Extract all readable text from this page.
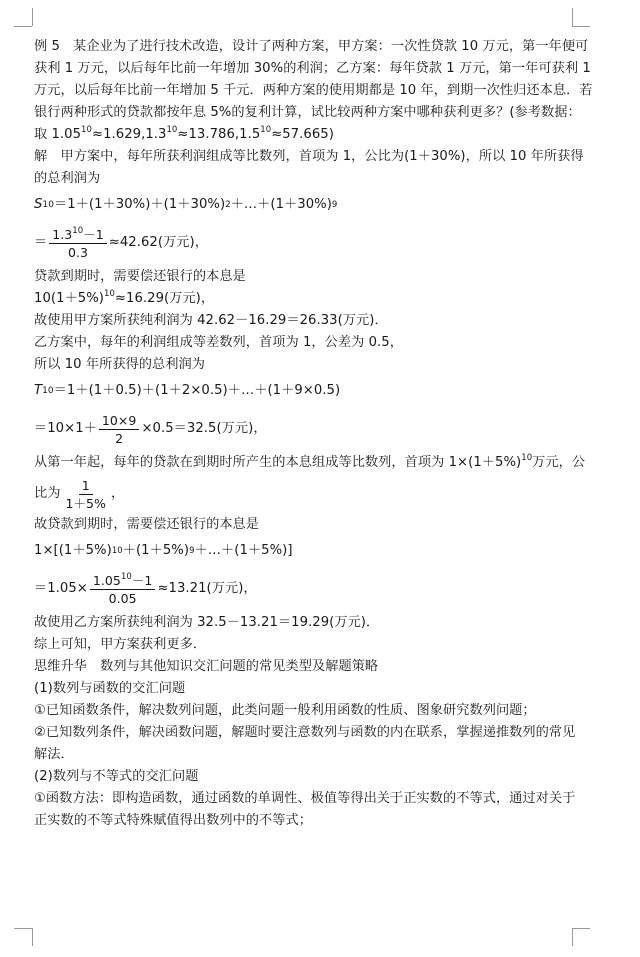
例 5　某企业为了进行技术改造，设计了两种方案，甲方案：一次性贷款 10 万元，第一年便可

获利 1 万元，以后每年比前一年增加 30%的利润；乙方案：每年贷款 1 万元，第一年可获利 1

万元，以后每年比前一年增加 5 千元．两种方案的使用期都是 10 年，到期一次性归还本息．若

银行两种形式的贷款都按年息 5%的复利计算，试比较两种方案中哪种获利更多？(参考数据：

取 $1.05^{10}\approx 1.629,1.3^{10}\approx 13.786,1.5^{10}\approx 57.665$)

解　甲方案中，每年所获利润组成等比数列，首项为 1，公比为(1＋30%)，所以 10 年所获得

的总利润为

S 10 ＝1＋(1＋30%)＋(1＋30%) 2 ＋…＋(1＋30%) 9
＝ $\frac{1.3^{10}-1}{0.3} \approx 42.62$(万元)，

贷款到期时，需要偿还银行的本息是

$10(1+5\%)^{10}\approx 16.29$(万元)，

故使用甲方案所获纯利润为 42.62－16.29＝26.33(万元)．

乙方案中，每年的利润组成等差数列，首项为 1，公差为 0.5，

所以 10 年所获得的总利润为

T 10 ＝1＋(1＋0.5)＋(1＋2×0.5)＋…＋(1＋9×0.5)
$=10\times 1+ \frac{10\times 9}{2} \times 0.5=32.5$(万元)，

从第一年起，每年的贷款在到期时所产生的本息组成等比数列，首项为 $1\times(1+5\%)^{10}$万元，公

比为 $\frac{1}{1+5\%}$ ，

故贷款到期时，需要偿还银行的本息是

1×[(1＋5%) 10 ＋(1＋5%) 9 ＋…＋(1＋5%)]
$=1.05\times \frac{1.05^{10}-1}{0.05} \approx 13.21$(万元)，

故使用乙方案所获纯利润为 32.5－13.21＝19.29(万元)．

综上可知，甲方案获利更多．

思维升华　数列与其他知识交汇问题的常见类型及解题策略

(1)数列与函数的交汇问题

①已知函数条件，解决数列问题，此类问题一般利用函数的性质、图象研究数列问题；

②已知数列条件，解决函数问题，解题时要注意数列与函数的内在联系，掌握递推数列的常见

解法．

(2)数列与不等式的交汇问题

①函数方法：即构造函数，通过函数的单调性、极值等得出关于正实数的不等式，通过对关于

正实数的不等式特殊赋值得出数列中的不等式；
